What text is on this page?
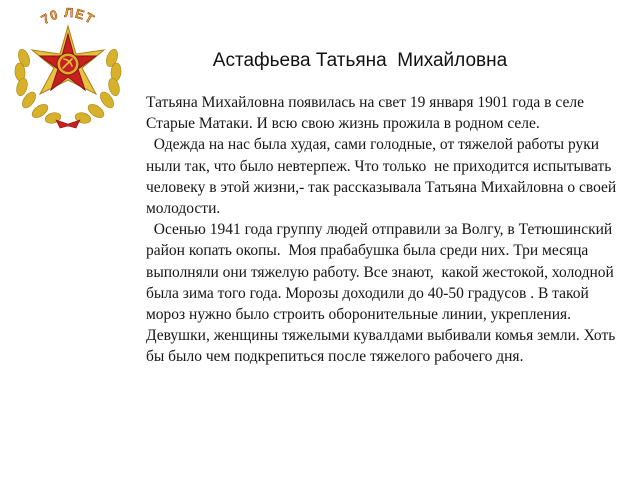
70 ЛЕТ
Астафьева Татьяна  Михайловна

Татьяна Михайловна появилась на свет 19 января 1901 года в селе Старые Матаки. И всю свою жизнь прожила в родном селе.

Одежда на нас была худая, сами голодные, от тяжелой работы руки ныли так, что было невтерпеж. Что только  не приходится испытывать человеку в этой жизни,- так рассказывала Татьяна Михайловна о своей молодости.

Осенью 1941 года группу людей отправили за Волгу, в Тетюшинский район копать окопы.  Моя прабабушка была среди них. Три месяца выполняли они тяжелую работу. Все знают,  какой жестокой, холодной была зима того года. Морозы доходили до 40-50 градусов . В такой мороз нужно было строить оборонительные линии, укрепления. Девушки, женщины тяжелыми кувалдами выбивали комья земли. Хоть бы было чем подкрепиться после тяжелого рабочего дня.
